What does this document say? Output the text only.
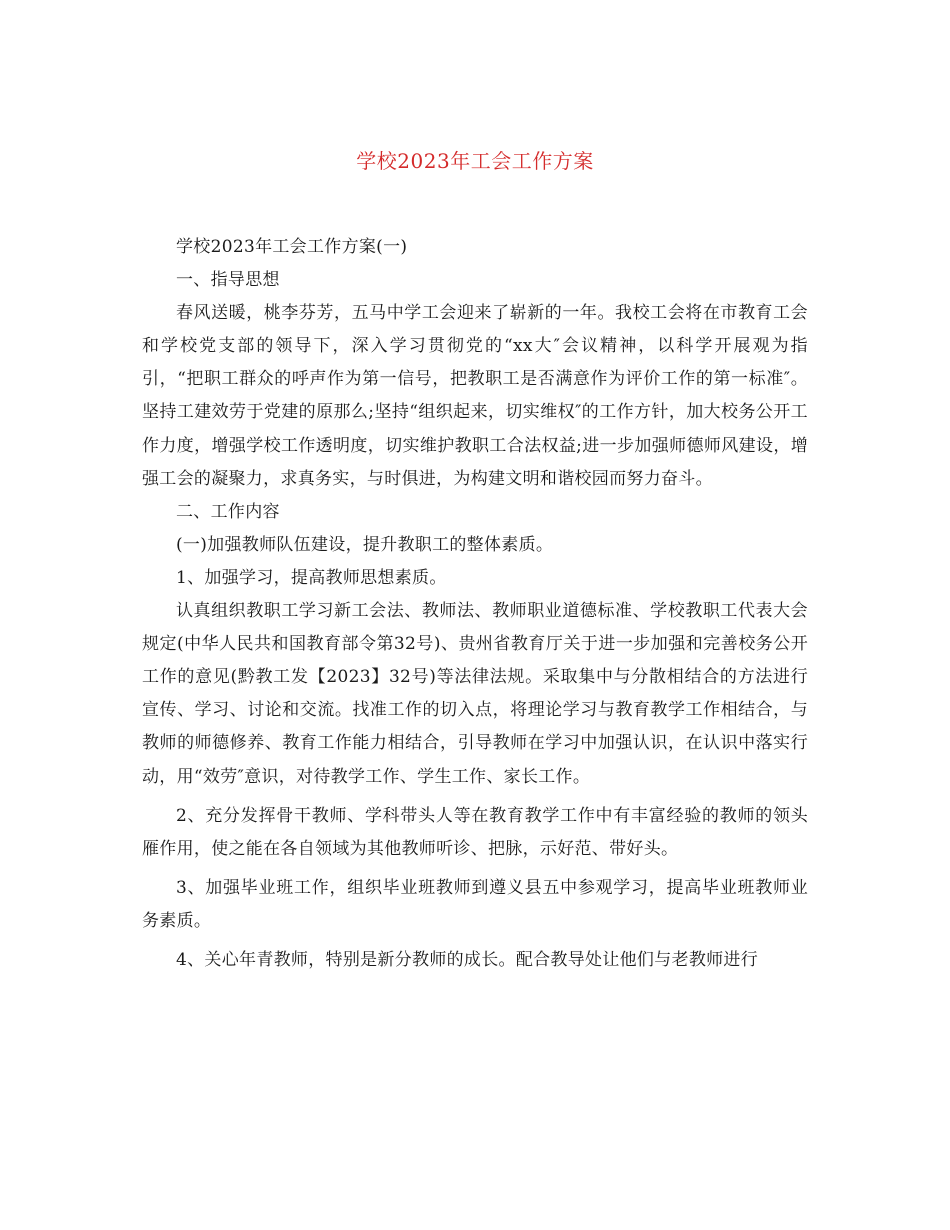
学校2023年工会工作方案

学校2023年工会工作方案(一)

一、指导思想

春风送暖，桃李芬芳，五马中学工会迎来了崭新的一年。我校工会将在市教育工会和学校党支部的领导下，深入学习贯彻党的“xx大″会议精神，以科学开展观为指引，“把职工群众的呼声作为第一信号，把教职工是否满意作为评价工作的第一标准″。坚持工建效劳于党建的原那么;坚持“组织起来，切实维权″的工作方针，加大校务公开工作力度，增强学校工作透明度，切实维护教职工合法权益;进一步加强师德师风建设，增强工会的凝聚力，求真务实，与时俱进，为构建文明和谐校园而努力奋斗。

二、工作内容

(一)加强教师队伍建设，提升教职工的整体素质。

1、加强学习，提高教师思想素质。

认真组织教职工学习新工会法、教师法、教师职业道德标准、学校教职工代表大会规定(中华人民共和国教育部令第32号)、贵州省教育厅关于进一步加强和完善校务公开工作的意见(黔教工发【2023】32号)等法律法规。采取集中与分散相结合的方法进行宣传、学习、讨论和交流。找准工作的切入点，将理论学习与教育教学工作相结合，与教师的师德修养、教育工作能力相结合，引导教师在学习中加强认识，在认识中落实行动，用“效劳″意识，对待教学工作、学生工作、家长工作。

2、充分发挥骨干教师、学科带头人等在教育教学工作中有丰富经验的教师的领头雁作用，使之能在各自领域为其他教师听诊、把脉，示好范、带好头。

3、加强毕业班工作，组织毕业班教师到遵义县五中参观学习，提高毕业班教师业务素质。

4、关心年青教师，特别是新分教师的成长。配合教导处让他们与老教师进行
